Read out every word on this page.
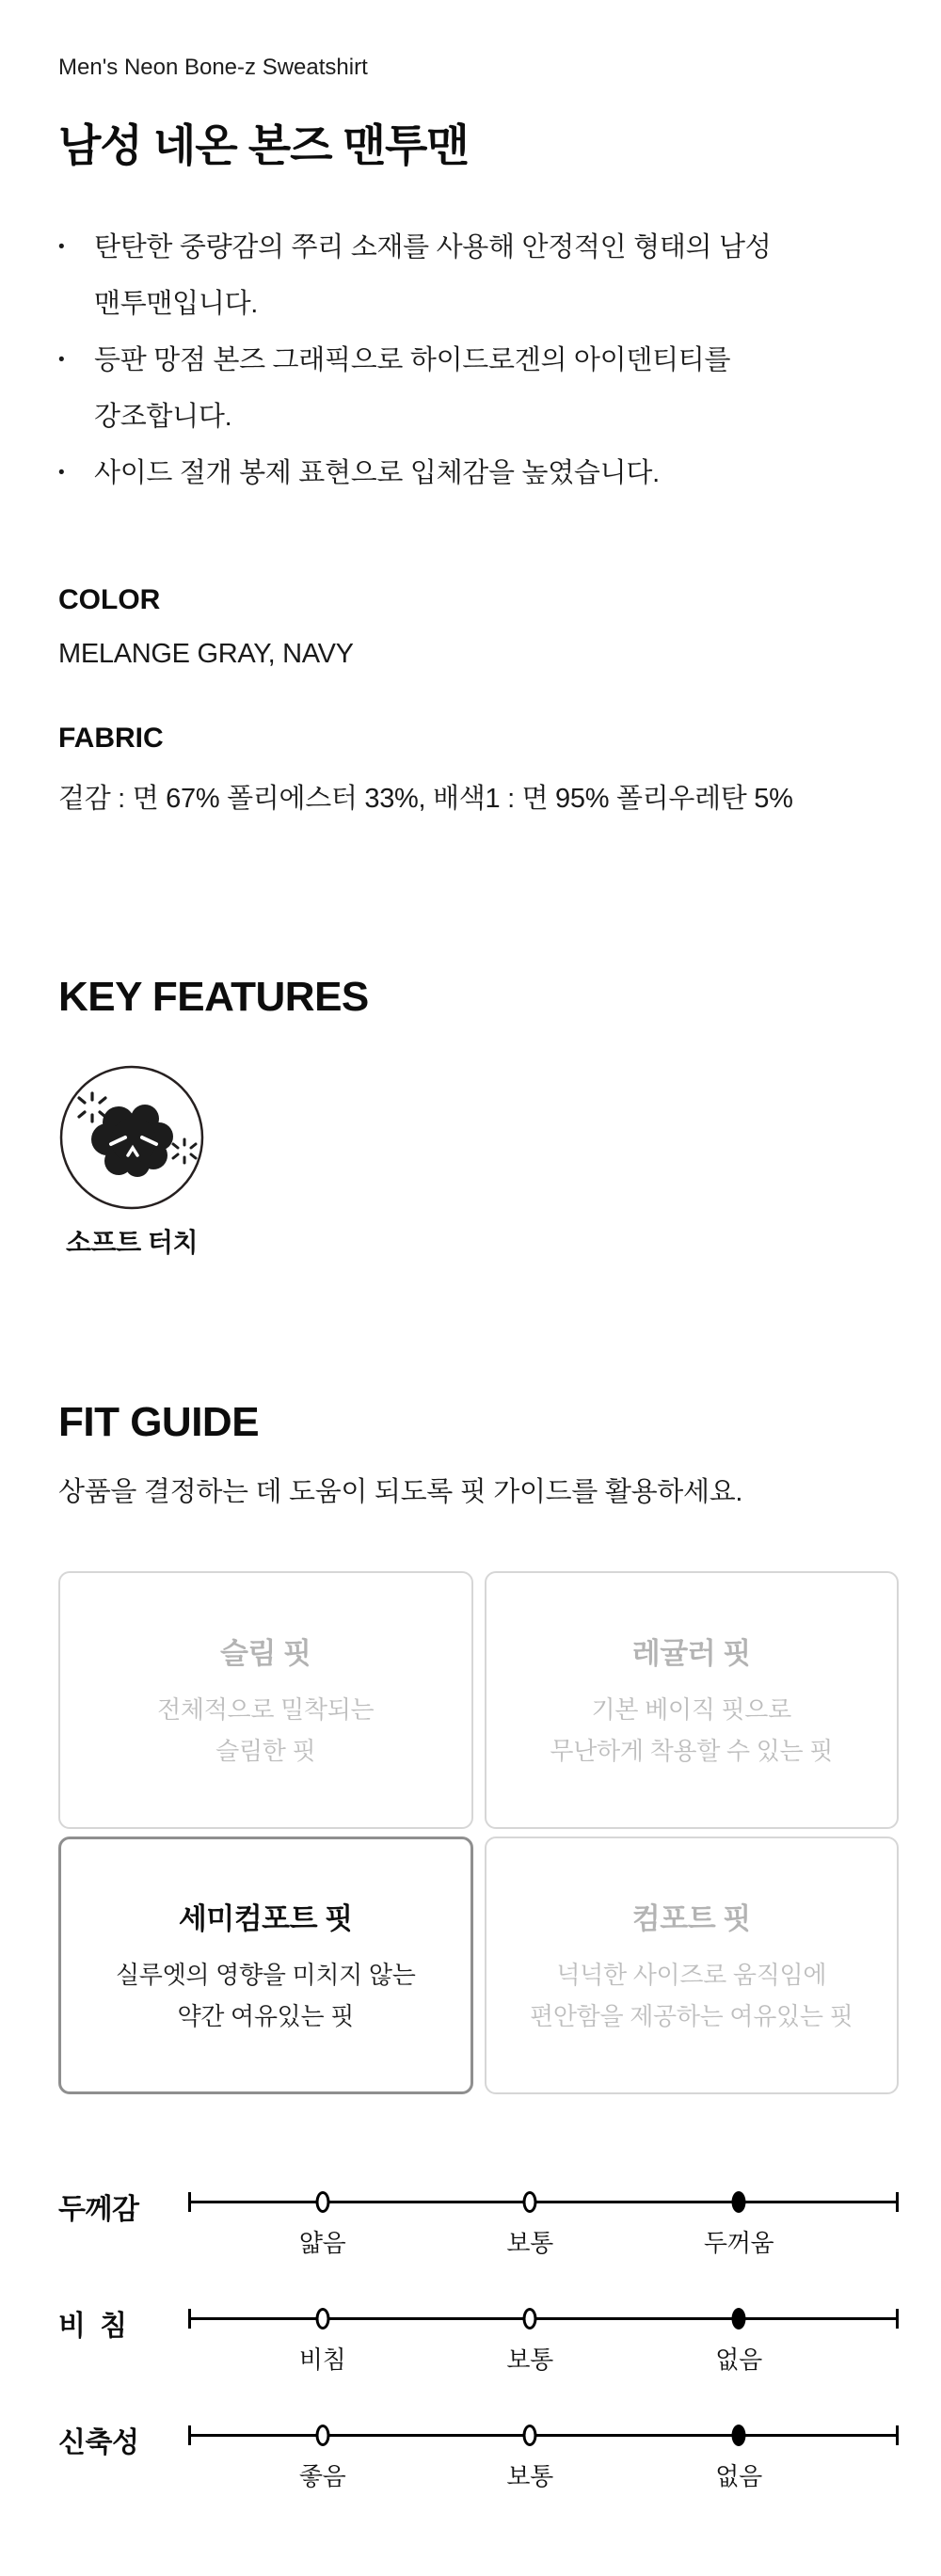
Men's Neon Bone-z Sweatshirt
남성 네온 본즈 맨투맨
•	탄탄한 중량감의 쭈리 소재를 사용해 안정적인 형태의 남성
맨투맨입니다.
•	등판 망점 본즈 그래픽으로 하이드로겐의 아이덴티티를
강조합니다.
•	사이드 절개 봉제 표현으로 입체감을 높였습니다.
COLOR
MELANGE GRAY, NAVY
FABRIC
겉감 : 면 67% 폴리에스터 33%, 배색1 : 면 95% 폴리우레탄 5%
KEY FEATURES
소프트 터치
FIT GUIDE
상품을 결정하는 데 도움이 되도록 핏 가이드를 활용하세요.
슬림 핏
전체적으로 밀착되는
슬림한 핏
레귤러 핏
기본 베이직 핏으로
무난하게 착용할 수 있는 핏
세미컴포트 핏
실루엣의 영향을 미치지 않는
약간 여유있는 핏
컴포트 핏
넉넉한 사이즈로 움직임에
편안함을 제공하는 여유있는 핏
두께감
얇음	보통	두꺼움
비  침
비침	보통	없음
신축성
좋음	보통	없음
